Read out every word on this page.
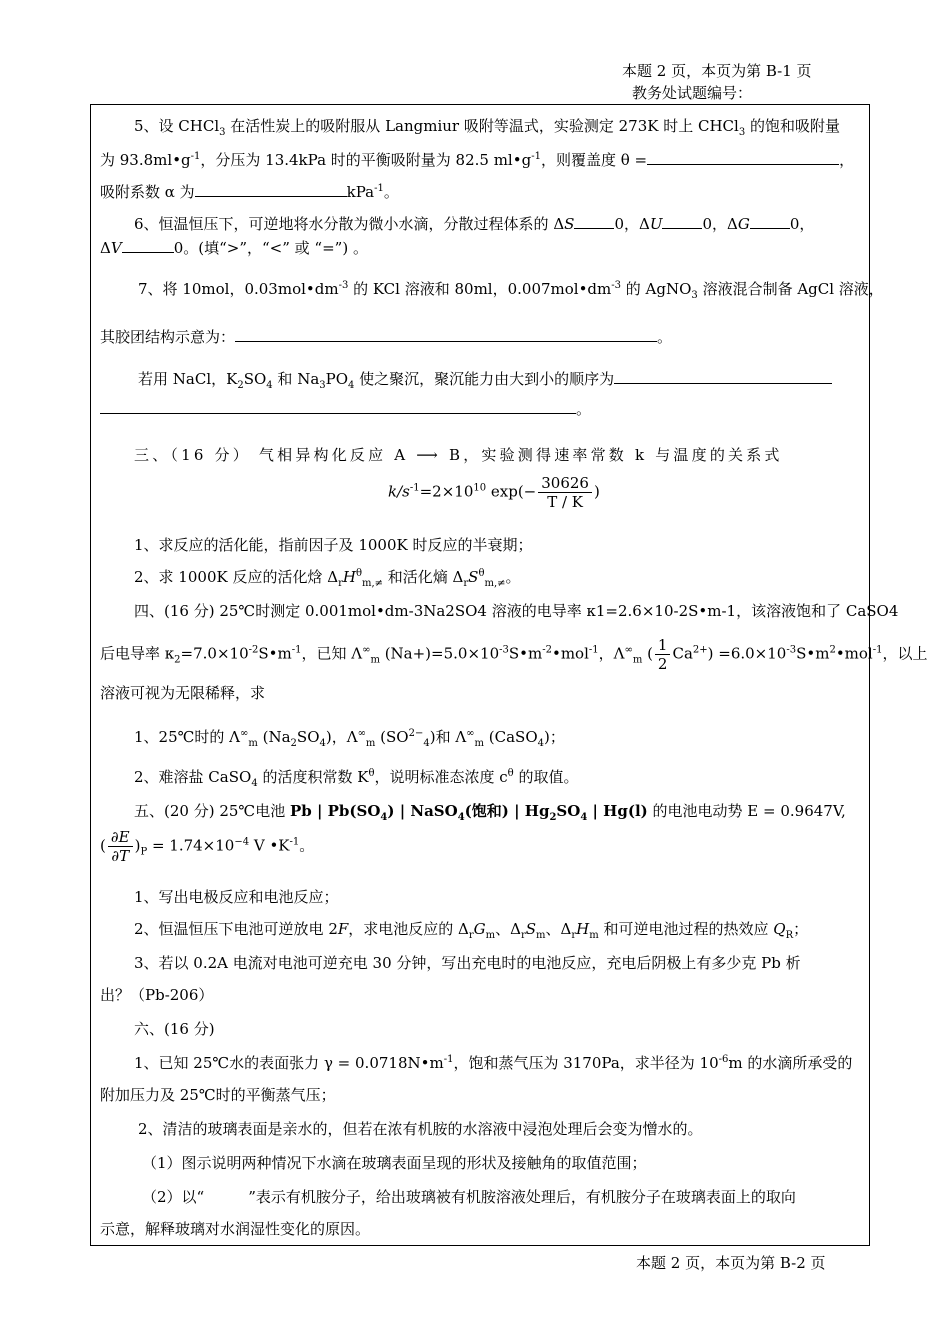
本题 2 页，本页为第 B-1 页
教务处试题编号：
5、设 CHCl$_3$ 在活性炭上的吸附服从 Langmiur 吸附等温式，实验测定 273K 时上 CHCl$_3$ 的饱和吸附量
为 $93.8ml•g^{-1}$，分压为 13.4kPa 时的平衡吸附量为 82.5 $ml•g^{-1}$，则覆盖度 θ =	，
吸附系数 α 为	kPa$^{-1}$。
6、恒温恒压下，可逆地将水分散为微小水滴，分散过程体系的 ΔS	0，ΔU	0，ΔG	0，
ΔV	0。(填“>”，“<” 或 “=”) 。
7、将 10mol，$0.03mol•dm^{-3}$ 的 KCl 溶液和 80ml，$0.007mol•dm^{-3}$ 的 AgNO$_3$ 溶液混合制备 AgCl 溶液，
其胶团结构示意为：	。
若用 NaCl，$K_2SO_4$ 和 $Na_3PO_4$ 使之聚沉，聚沉能力由大到小的顺序为
。
三、（16 分） 气相异构化反应 A ⟶ B，实验测得速率常数 k 与温度的关系式
$k/s^{-1}=2\times 10^{10}$ $\exp(- \frac{30626}{T / K}$ )
1、求反应的活化能，指前因子及 1000K 时反应的半衰期；
2、求 1000K 反应的活化焓 $\Delta_rH^\theta_{m,\ne}$ 和活化熵 $\Delta_rS^\theta_{m,\ne}$。
四、(16 分) 25℃时测定 0.001mol•dm-3Na2SO4 溶液的电导率 κ1=2.6×10-2S•m-1，该溶液饱和了 CaSO4
后电导率 $\kappa_2=7.0\times 10^{-2}S•m^{-1}$，已知 $\Lambda^\infty_m$ $(Na+)=5.0\times 10^{-3}S•m^{-2}•mol^{-1}$，$\Lambda^\infty_m$ ( $\frac{1}{2} Ca^{2+}$) $=6.0\times 10^{-3}S•m^2•mol^{-1}$，以上
溶液可视为无限稀释，求
1、25℃时的 $\Lambda^\infty_m$ $(Na_2SO_4)$，$\Lambda^\infty_m$ $(SO^{2-}_4)$和 $\Lambda^\infty_m$ (CaSO$_4$)；
2、难溶盐 CaSO$_4$ 的活度积常数 $K^\theta$，说明标准态浓度 $c^\theta$ 的取值。
五、(20 分) 25℃电池 Pb | $Pb(SO_4)$ | NaSO$_4$(饱和) | $Hg_2SO_4$ | Hg(l) 的电池电动势 E = 0.9647V,
( $\frac{\partial E}{\partial T} )_P = 1.74\times 10^{-4}$ V $•K^{-1}$。
1、写出电极反应和电池反应；
2、恒温恒压下电池可逆放电 2F，求电池反应的 $\Delta_rG_m$、$\Delta_rS_m$、$\Delta_rH_m$ 和可逆电池过程的热效应 $Q_R$；
3、若以 0.2A 电流对电池可逆充电 30 分钟，写出充电时的电池反应，充电后阴极上有多少克 Pb 析
出？（Pb-206）
六、(16 分)
1、已知 25℃水的表面张力 $\gamma = 0.0718N•m^{-1}$，饱和蒸气压为 3170Pa，求半径为 $10^{-6}m$ 的水滴所承受的
附加压力及 25℃时的平衡蒸气压；
2、清洁的玻璃表面是亲水的，但若在浓有机胺的水溶液中浸泡处理后会变为憎水的。
（1）图示说明两种情况下水滴在玻璃表面呈现的形状及接触角的取值范围；
（2）以“	”表示有机胺分子，给出玻璃被有机胺溶液处理后，有机胺分子在玻璃表面上的取向
示意，解释玻璃对水润湿性变化的原因。
本题 2 页，本页为第 B-2 页
